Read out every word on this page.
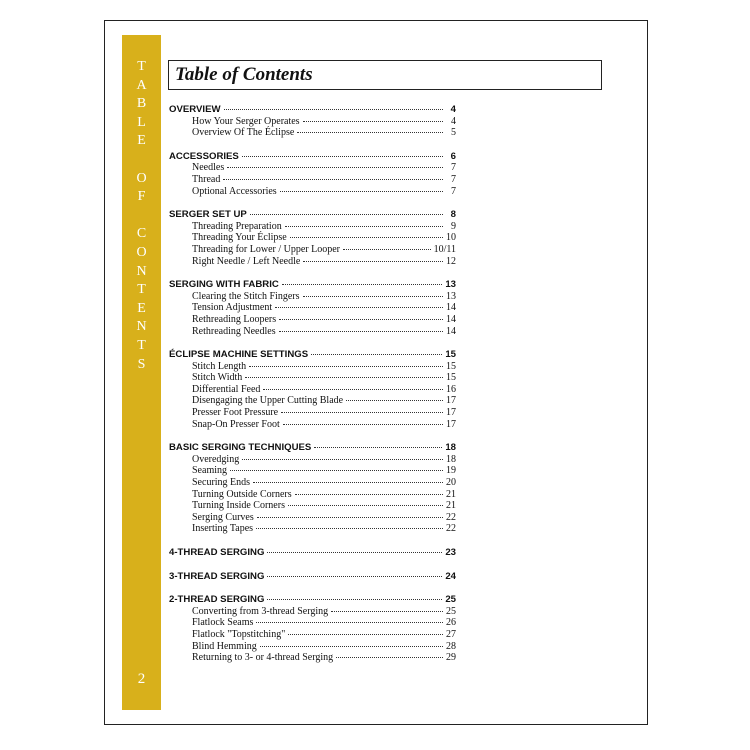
T
A
B
L
E
O
F
C
O
N
T
E
N
T
S
2
Table of Contents
OVERVIEW	4
How Your Serger Operates	4
Overview Of The Éclipse	5
ACCESSORIES	6
Needles	7
Thread	7
Optional Accessories	7
SERGER SET UP	8
Threading Preparation	9
Threading Your Éclipse	10
Threading for Lower / Upper Looper	10/11
Right Needle / Left Needle	12
SERGING WITH FABRIC	13
Clearing the Stitch Fingers	13
Tension Adjustment	14
Rethreading Loopers	14
Rethreading Needles	14
ÉCLIPSE MACHINE SETTINGS	15
Stitch Length	15
Stitch Width	15
Differential Feed	16
Disengaging the Upper Cutting Blade	17
Presser Foot Pressure	17
Snap-On Presser Foot	17
BASIC SERGING TECHNIQUES	18
Overedging	18
Seaming	19
Securing Ends	20
Turning Outside Corners	21
Turning Inside Corners	21
Serging Curves	22
Inserting Tapes	22
4-THREAD SERGING	23
3-THREAD SERGING	24
2-THREAD SERGING	25
Converting from 3-thread Serging	25
Flatlock Seams	26
Flatlock "Topstitching"	27
Blind Hemming	28
Returning to 3- or 4-thread Serging	29
